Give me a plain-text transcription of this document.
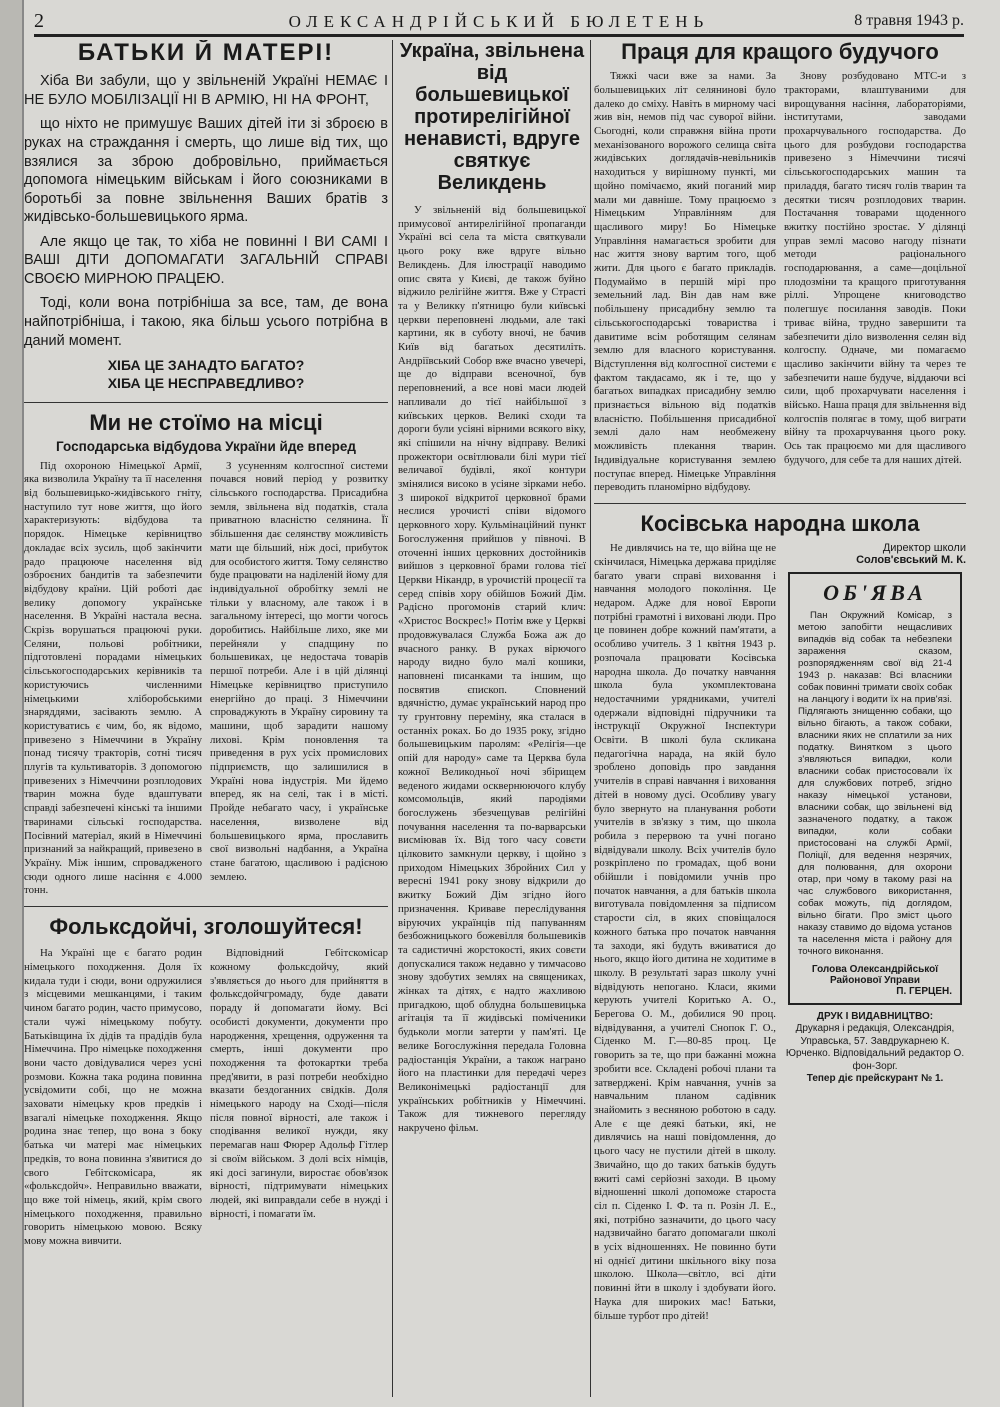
2	ОЛЕКСАНДРІЙСЬКИЙ БЮЛЕТЕНЬ	8 травня 1943 р.
БАТЬКИ Й МАТЕРІ!

Хіба Ви забули, що у звільненій Україні НЕМАЄ І НЕ БУЛО МОБІЛІЗАЦІЇ НІ В АРМІЮ, НІ НА ФРОНТ,

що ніхто не примушує Ваших дітей іти зі зброєю в руках на страждання і смерть, що лише від тих, що взялися за зброю добровільно, приймається допомога німецьким військам і його союзниками в боротьбі за повне звільнення Ваших братів з жидівсько-большевицького ярма.

Але якщо це так, то хіба не повинні І ВИ САМІ І ВАШІ ДІТИ ДОПОМАГАТИ ЗАГАЛЬНІЙ СПРАВІ СВОЄЮ МИРНОЮ ПРАЦЕЮ.

Тоді, коли вона потрібніша за все, там, де вона найпотрібніша, і такою, яка більш усього потрібна в даний момент.

ХІБА ЦЕ ЗАНАДТО БАГАТО?
ХІБА ЦЕ НЕСПРАВЕДЛИВО?
Ми не стоїмо на місці
Господарська відбудова України йде вперед

Під охороною Німецької Армії, яка визволила Україну та її населення від большевицько-жидівського гніту, наступило тут нове життя, що його характеризують: відбудова та порядок. Німецьке керівництво докладає всіх зусиль, щоб закінчити радо працююче населення від озброєних бандитів та забезпечити відбудову країни. Цій роботі дає велику допомогу українське населення. В Україні настала весна. Скрізь ворушаться працюючі руки. Селяни, польові робітники, підготовлені порадами німецьких сільськогосподарських керівників та користуючись численними німецькими хліборобськими знаряддями, засівають землю. А користуватись є чим, бо, як відомо, привезено з Німеччини в Україну понад тисячу тракторів, сотні тисяч плугів та культиваторів. З допомогою привезених з Німеччини розплодових тварин можна буде вдаштувати справді забезпечені кінські та іншими тваринами сільські господарства. Посівний матеріал, який в Німеччині признаний за найкращий, привезено в Україну. Між іншим, спровадженого сюди одного лише насіння є 4.000 тонн.

З усуненням колгоспної системи почався новий період у розвитку сільського господарства. Присадибна земля, звільнена від податків, стала приватною власністю селянина. Її збільшення дає селянству можливість мати ще більший, ніж досі, прибуток для особистого життя. Тому селянство буде працювати на наділеній йому для індивідуальної обробітку землі не тільки у власному, але також і в загальному інтересі, що могти чогось доробитись. Найбільше лихо, яке ми перейняли у спадщину по большевиках, це недостача товарів першої потреби. Але і в цій ділянці Німецьке керівництво приступило енергійно до праці. З Німеччини спроваджують в Україну сировину та машини, щоб зарадити нашому лихові. Крім поновлення та приведення в рух усіх промислових підприємств, що залишилися в Україні нова індустрія. Ми йдемо вперед, як на селі, так і в місті. Пройде небагато часу, і українське населення, визволене від большевицького ярма, прославить свої визвольні надбання, а Україна стане багатою, щасливою і радісною землею.

Фольксдойчі, зголошуйтеся!

На Україні ще є багато родин німецького походження. Доля їх кидала туди і сюди, вони одружилися з місцевими мешканцями, і таким чином багато родин, часто примусово, стали чужі німецькому побуту. Батьківщина їх дідів та прадідів була Німеччина. Про німецьке походження вони часто довідувалися через усні розмови. Кожна така родина повинна усвідомити собі, що не можна заховати німецьку кров предків і взагалі німецьке походження. Якщо родина знає тепер, що вона з боку батька чи матері має німецьких предків, то вона повинна з'явитися до свого Гебітскомісара, як «фольксдойч». Неправильно вважати, що вже той німець, який, крім свого німецького походження, правильно говорить німецькою мовою. Всяку мову можна вивчити.

Відповідний Гебітскомісар кожному фольксдойчу, який з'являється до нього для прийняття в фольксдойчгромаду, буде давати пораду й допомагати йому. Всі особисті документи, документи про народження, хрещення, одруження та смерть, інші документи про походження та фотокартки треба пред'явити, в разі потреби необхідно вказати бездоганних свідків. Доля німецького народу на Сході—після після повної вірності, але також і сподівання великої нужди, яку перемагав наш Фюрер Адольф Гітлер зі своїм військом. З долі всіх німців, які досі загинули, виростає обов'язок вірності, підтримувати німецьких людей, які виправдали себе в нужді і вірності, і помагати їм.

Україна, звільнена від большевицької протирелігійної ненависті, вдруге святкує Великдень

У звільненій від большевицької примусової антирелігійної пропаганди Україні всі села та міста святкували цього року вже вдруге вільно Великдень. Для ілюстрації наводимо опис свята у Києві, де також буйно віджило релігійне життя. Вже у Страсті та у Великку п'ятницю були київські церкви переповнені людьми, але такі картини, як в суботу вночі, не бачив Київ від багатьох десятиліть. Андріївський Собор вже вчасно увечері, ще до відправи всеночної, був переповнений, а все нові маси людей напливали до тієї найбільшої з київських церков. Великі сходи та дороги були усіяні вірними всякого віку, які спішили на нічну відправу. Великі прожектори освітлювали білі мури тієї величавої будівлі, якої контури змінялися високо в усіяне зірками небо. З широкої відкритої церковної брами неслися урочисті співи відомого церковного хору. Кульмінаційний пункт Богослуження прийшов у півночі. В оточенні інших церковних достойників вийшов з церковної брами голова тієї Церкви Нікандр, в урочистій процесії та серед співів хору обійшов Божий Дім. Радісно прогомонів старий клич: «Христос Воскрес!» Потім вже у Церкві продовжувалася Служба Божа аж до вчасного ранку. В руках вірючого народу видно було малі кошики, наповнені писанками та іншим, що посвятив єпископ. Сповнений вдячністю, думає український народ про ту грунтовну переміну, яка сталася в останніх роках. Бо до 1935 року, згідно большевицьким паролям: «Релігія—це опій для народу» саме та Церква була кожної Великодньої ночі збірищем веденого жидами осквернюючого клубу комсомольців, який пародіями богослужень збезчещував релігійні почування населення та по-варварськи висміював їх. Від того часу совєти цілковито замкнули церкву, і щойно з приходом Німецьких Збройних Сил у вересні 1941 року знову відкрили до вжитку Божий Дім згідно його призначення. Криваве переслідування віруючих українців під папуванням безбожницького божевілля большевиків та садистичні жорстокості, яких совєти допускалися також недавно у тимчасово знову здобутих землях на священиках, жінках та дітях, є надто жахливою пригадкою, щоб облудна большевицька агітація та її жидівські поміченики будьколи могли затерти у пам'яті. Це велике Богослужіння передала Головна радіостанція України, а також награно його на пластинки для передачі через Великонімецькі радіостанції для українських робітників у Німеччині. Також для тижневого перегляду накручено фільм.

Праця для кращого будучого

Тяжкі часи вже за нами. За большевицьких літ селянинові було далеко до сміху. Навіть в мирному часі жив він, немов під час суворої війни. Сьогодні, коли справжня війна проти механізованого ворожого селища світа жидівських доглядачів-невільників находиться у вирішному пункті, ми щойно помічаємо, який поганий мир мали ми давніше. Тому працюємо з Німецьким Управлінням для щасливого миру! Бо Німецьке Управління намагається зробити для нас життя знову вартим того, щоб жити. Для цього є багато прикладів. Подумаймо в першій мірі про земельний лад. Він дав нам вже побільшену присадибну землю та сільськогосподарські товариства і давитиме всім роботящим селянам землю для власного користування. Відступлення від колгоспної системи є фактом такдасамо, як і те, що у багатьох випадках присадибну землю признається вільною від податків власністю. Побільшення присадибної землі дало нам необмежену можливість плекання тварин. Індивідуальне користування землею поступає вперед. Німецьке Управління переводить планомірно відбудову.

Знову розбудовано МТС-и з тракторами, влаштуваними для вирощування насіння, лабораторіями, інститутами, заводами прохарчувального господарства. До цього для розбудови господарства привезено з Німеччини тисячі сільськогосподарських машин та приладдя, багато тисяч голів тварин та десятки тисяч розплодових тварин. Постачання товарами щоденного вжитку постійно зростає. У ділянці управ землі масово нагоду пізнати методи раціонального господарювання, а саме—доцільної плодозміни та кращого приготування ріллі. Упрощене книговодство полегшує посилання заводів. Поки триває війна, трудно завершити та забезпечити діло визволення селян від колгоспу. Одначе, ми помагаємо щасливо закінчити війну та через те забезпечити наше будуче, віддаючи всі сили, щоб прохарчувати населення і військо. Наша праця для звільнення від колгоспів полягає в тому, щоб виграти війну та прохарчування цього року. Ось так працюємо ми для щасливого будучого, для себе та для наших дітей.

Косівська народна школа

Не дивлячись на те, що війна ще не скінчилася, Німецька держава приділяє багато уваги справі виховання і навчання молодого покоління. Це недаром. Адже для нової Европи потрібні грамотні і виховані люди. Про це повинен добре кожний пам'ятати, а особливо учитель. З 1 квітня 1943 р. розпочала працювати Косівська народна школа. До початку навчання школа була укомплектована недостачними урядниками, учителі одержали відповідні підручники та інструкції Окружної Інспектури Освіти. В школі була скликана педагогічна нарада, на якій було зроблено доповідь про завдання учителів в справі навчання і виховання дітей в новому дусі. Особливу увагу було звернуто на планування роботи учителів в зв'язку з тим, що школа робила з перервою та учні погано відвідували школу. Всіх учителів було розкріплено по громадах, щоб вони обійшли і повідомили учнів про початок навчання, а для батьків школа виготувала повідомлення за підписом старости сіл, в яких сповіщалося кожного батька про початок навчання та заходи, які будуть вживатися до нього, якщо його дитина не ходитиме в школу. В результаті зараз школу учні відвідують непогано. Класи, якими керують учителі Коритько А. О., Берегова О. М., добилися 90 проц. відвідування, а учителі Снопок Г. О., Сіденко М. Г.—80-85 проц. Це говорить за те, що при бажанні можна зробити все. Складені робочі плани та затверджені. Крім навчання, учнів за навчальним планом садівник знайомить з весняною роботою в саду. Але є ще деякі батьки, які, не дивлячись на наші повідомлення, до цього часу не пустили дітей в школу. Звичайно, що до таких батьків будуть вжиті самі серйозні заходи. В цьому відношенні школі допоможе староста сіл п. Сіденко І. Ф. та п. Розін Л. Е., які, потрібно зазначити, до цього часу надзвичайно багато допомагали школі в усіх відношеннях. Не повинно бути ні однієї дитини шкільного віку поза школою. Школа—світло, всі діти повинні йти в школу і здобувати його. Наука для широких мас! Батьки, більше турбот про дітей!

Директор школи
Солов'євський М. К.
ОБ'ЯВА

Пан Окружний Комісар, з метою запобігти нещасливих випадків від собак та небезпеки зараження сказом, розпорядженням свої від 21-4 1943 р. наказав: Всі власники собак повинні тримати своїх собак на ланцюгу і водити їх на прив'язі. Підлягають знищенню собаки, що вільно бігають, а також собаки, власники яких не сплатили за них податку. Винятком з цього з'являються випадки, коли власники собак пристосовали їх для службових потреб, згідно наказу німецької установи, власники собак, що звільнені від зазначеного податку, а також випадки, коли собаки пристосовані на службі Армії, Поліції, для ведення незрячих, для полювання, для охорони отар, при чому в такому разі на час службового використання, собак можуть, під доглядом, вільно бігати. Про зміст цього наказу ставимо до відома установ та населення міста і району для точного виконання.

Голова Олександрійської Районової Управи
П. ГЕРЦЕН.

ДРУК І ВИДАВНИЦТВО:

Друкарня і редакція, Олександрія, Управська, 57. Завдрукарнею К. Юрченко. Відповідальний редактор О. фон-Зорг.

Тепер діє прейскурант № 1.
